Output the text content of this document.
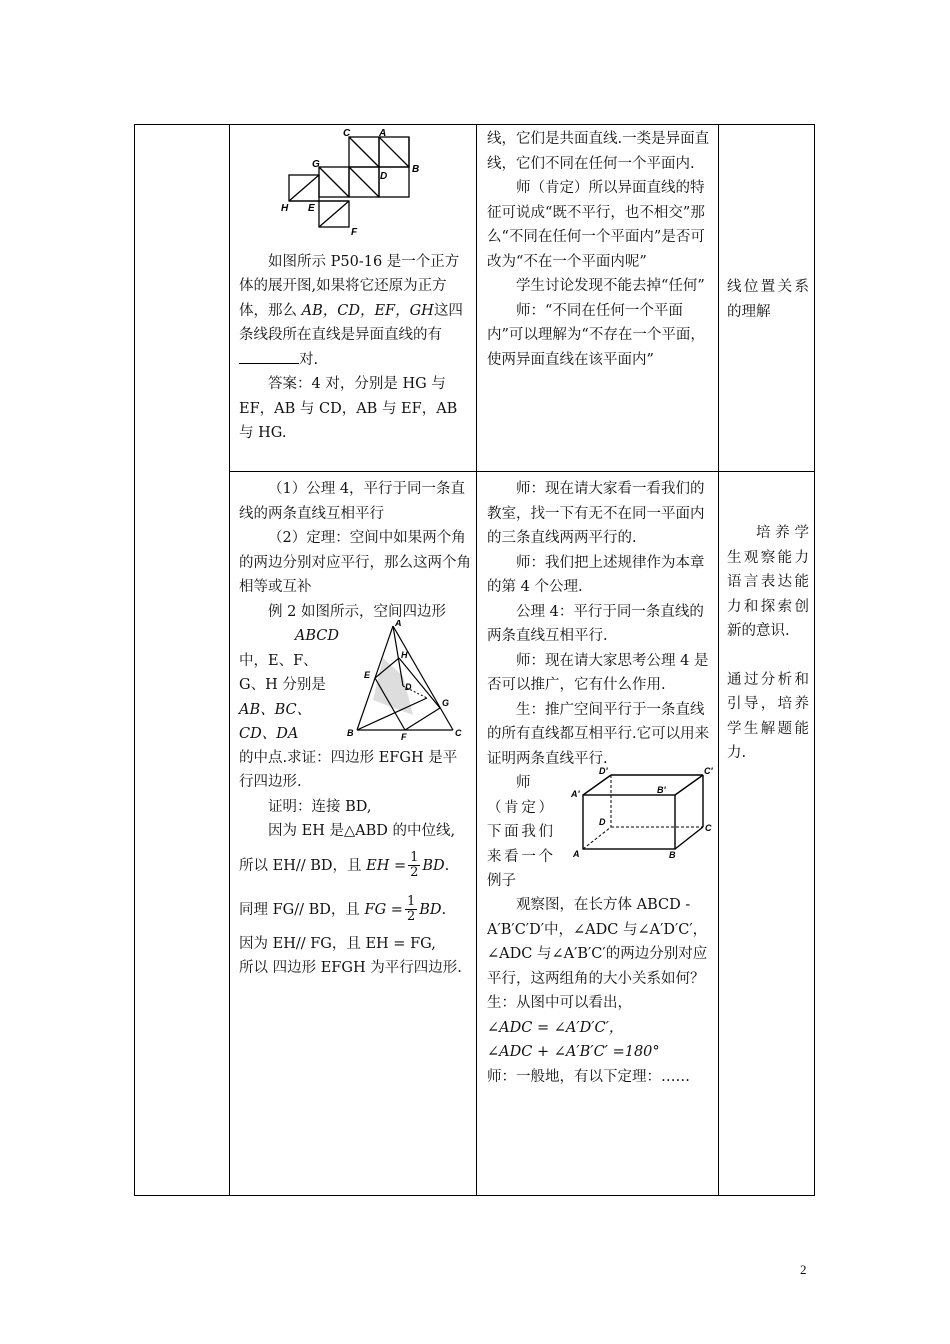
C	A
B
G
D
H E
F

如图所示 P50-16 是一个正方体的展开图,如果将它还原为正方体，那么 AB，CD，EF，GH这四条线段所在直线是异面直线的有对.

答案：4 对，分别是 HG 与 EF，AB 与 CD，AB 与 EF，AB 与 HG.

线，它们是共面直线.一类是异面直线，它们不同在任何一个平面内.

师（肯定）所以异面直线的特征可说成“既不平行，也不相交”那么“不同在任何一个平面内”是否可改为“不在一个平面内呢”

学生讨论发现不能去掉“任何”

师：“不同在任何一个平面内”可以理解为“不存在一个平面，使两异面直线在该平面内”

线位置关系的理解

（1）公理 4，平行于同一条直线的两条直线互相平行

（2）定理：空间中如果两个角的两边分别对应平行，那么这两个角相等或互补

例 2 如图所示，空间四边形

ABCD

中，E、F、G、H 分别是

AB、BC、CD、DA

A
H
E
D
G
B	F	C

的中点.求证：四边形 EFGH 是平行四边形.

证明：连接 BD,

因为 EH 是△ABD 的中位线,

所以 EH// BD，且 EH = $\frac{1}{2}$ BD.

同理 FG// BD，且 FG = $\frac{1}{2}$ BD.

因为 EH// FG，且 EH = FG,

所以 四边形 EFGH 为平行四边形.

师：现在请大家看一看我们的教室，找一下有无不在同一平面内的三条直线两两平行的.

师：我们把上述规律作为本章的第 4 个公理.

公理 4：平行于同一条直线的两条直线互相平行.

师：现在请大家思考公理 4 是否可以推广，它有什么作用.

生：推广空间平行于一条直线的所有直线都互相平行.它可以用来证明两条直线平行.

师

（肯定）下面我们来看一个例子

D'	C'
A'	B'
D
C
A	B

观察图，在长方体 ABCD - A′B′C′D′中，∠ADC 与∠A′D′C′，∠ADC 与∠A′B′C′的两边分别对应平行，这两组角的大小关系如何？

生：从图中可以看出，

∠ADC = ∠A′D′C′，

∠ADC + ∠A′B′C′ =180°

师：一般地，有以下定理：……

培养学生观察能力语言表达能力和探索创新的意识.

通过分析和引导，培养学生解题能力.

2
